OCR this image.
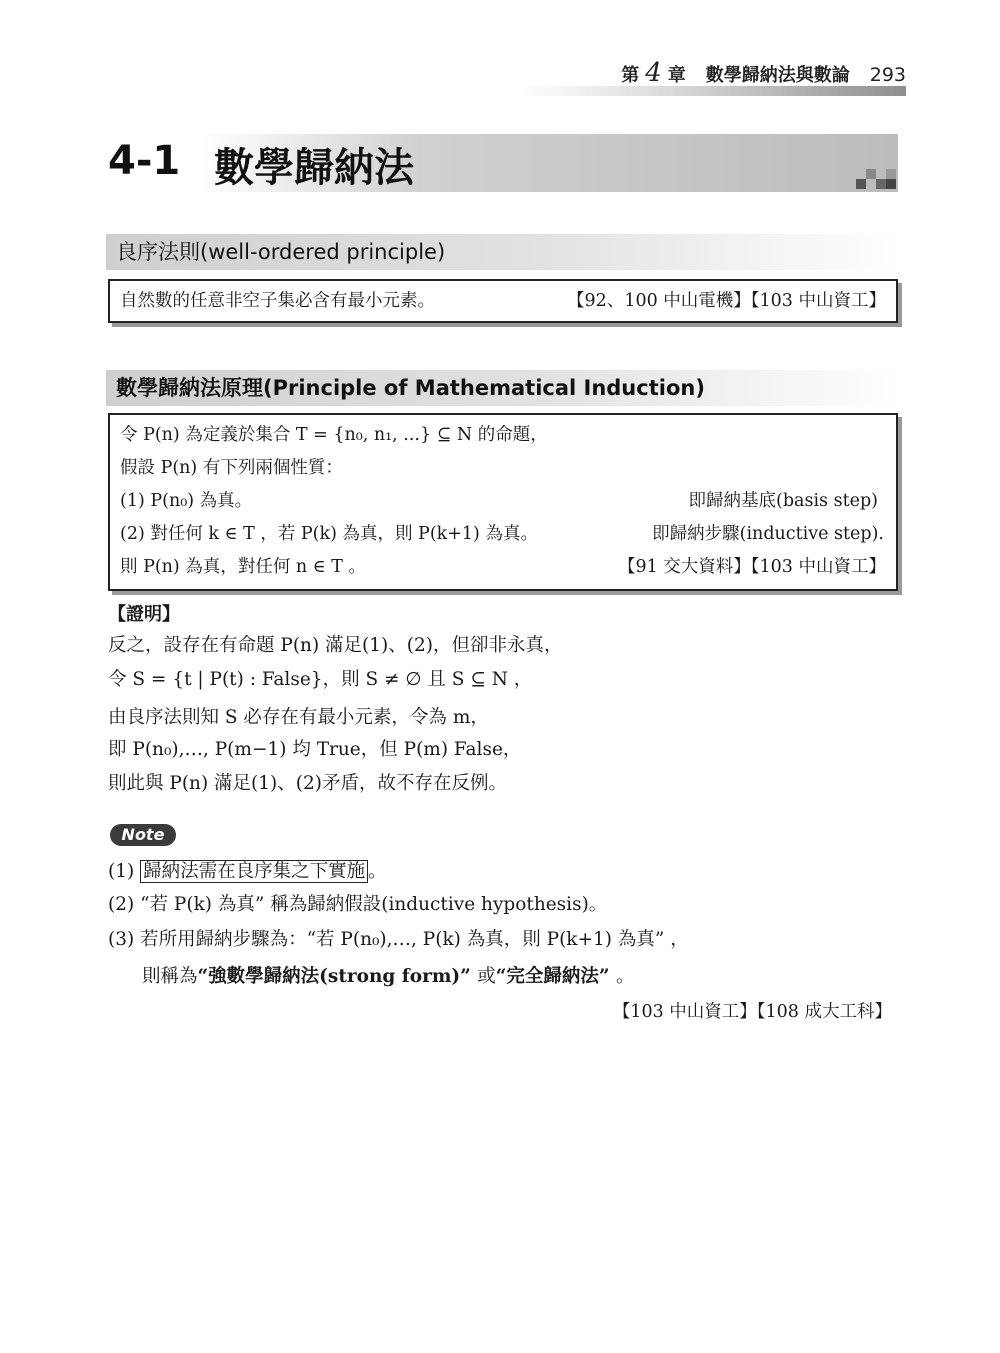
第 4 章 數學歸納法與數論 293
4-1 數學歸納法
良序法則(well-ordered principle)
自然數的任意非空子集必含有最小元素。	【92、100 中山電機】【103 中山資工】
數學歸納法原理(Principle of Mathematical Induction)
令 P(n) 為定義於集合 T = {n₀, n₁, ...} ⊆ N 的命題，
假設 P(n) 有下列兩個性質：
(1) P(n₀) 為真。	即歸納基底(basis step)
(2) 對任何 k ∈ T ，若 P(k) 為真，則 P(k+1) 為真。	即歸納步驟(inductive step).
則 P(n) 為真，對任何 n ∈ T 。	【91 交大資料】【103 中山資工】
【證明】
反之，設存在有命題 P(n) 滿足(1)、(2)，但卻非永真，
令 S = {t | P(t) : False}，則 S ≠ ∅ 且 S ⊆ N ，
由良序法則知 S 必存在有最小元素，令為 m，
即 P(n₀),…, P(m−1) 均 True，但 P(m) False，
則此與 P(n) 滿足(1)、(2)矛盾，故不存在反例。
Note
(1) 歸納法需在良序集之下實施 。
(2) “若 P(k) 為真” 稱為歸納假設(inductive hypothesis)。
(3) 若所用歸納步驟為：“若 P(n₀),…, P(k) 為真，則 P(k+1) 為真” ，
則稱為“強數學歸納法(strong form)” 或“完全歸納法” 。
【103 中山資工】【108 成大工科】
